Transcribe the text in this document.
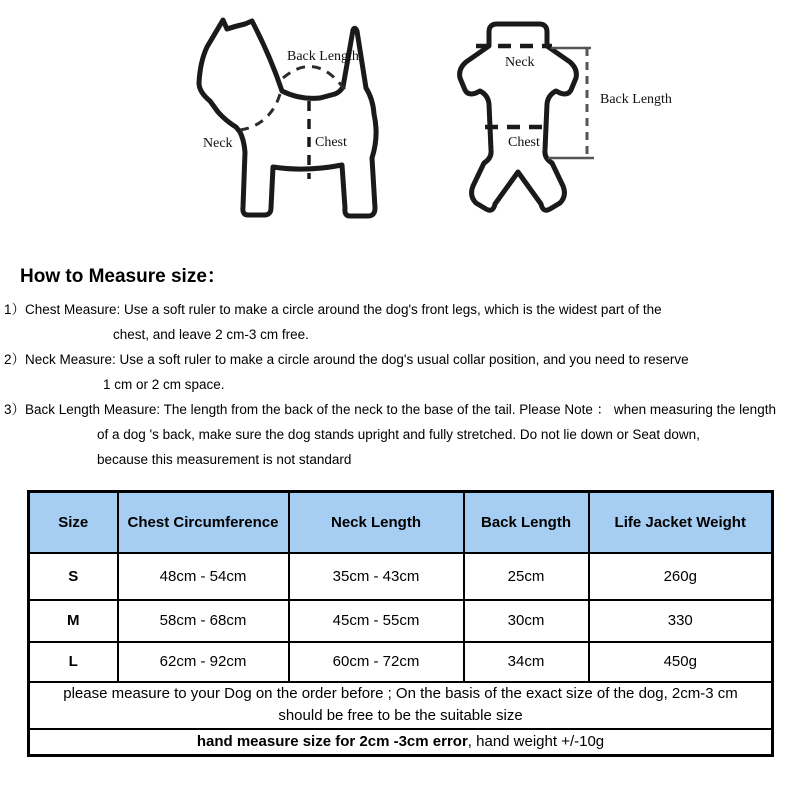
Back Length
Neck	Chest
Neck
Chest
Back Length
How to Measure size：
1）Chest Measure: Use a soft ruler to make a circle around the dog's front legs, which is the widest part of the
chest, and leave 2 cm-3 cm free.
2）Neck Measure: Use a soft ruler to make a circle around the dog's usual collar position, and you need to reserve
1 cm or 2 cm space.
3）Back Length Measure: The length from the back of the neck to the base of the tail. Please Note ： when measuring the length
of a dog 's back, make sure the dog stands upright and fully stretched. Do not lie down or Seat down,
because this measurement is not standard
Size	Chest Circumference	Neck Length	Back Length	Life Jacket Weight
S	48cm - 54cm	35cm - 43cm	25cm	260g
M	58cm - 68cm	45cm - 55cm	30cm	330
L	62cm - 92cm	60cm - 72cm	34cm	450g

please measure to your Dog on the order before ; On the basis of the exact size of the dog, 2cm-3 cm
should be free to be the suitable size				

hand measure size for 2cm -3cm error, hand weight +/-10g				
